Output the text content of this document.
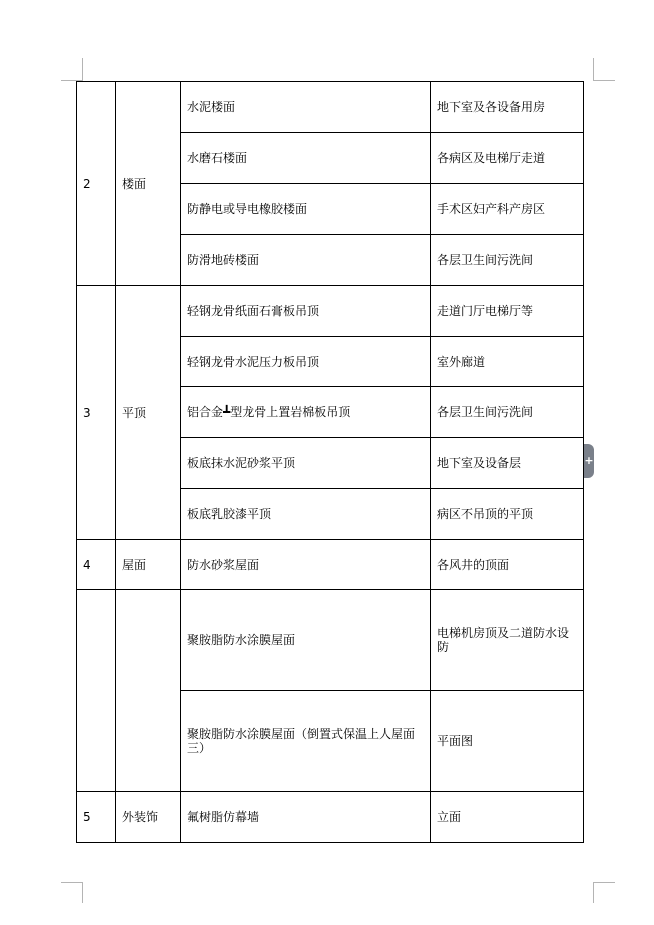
2	楼面	水泥楼面	地下室及各设备用房
		水磨石楼面	各病区及电梯厅走道
		防静电或导电橡胶楼面	手术区妇产科产房区
		防滑地砖楼面	各层卫生间污洗间
3	平顶	轻钢龙骨纸面石膏板吊顶	走道门厅电梯厅等
		轻钢龙骨水泥压力板吊顶	室外廊道
		铝合金┻型龙骨上置岩棉板吊顶	各层卫生间污洗间
		板底抹水泥砂浆平顶	地下室及设备层
		板底乳胶漆平顶	病区不吊顶的平顶
4	屋面	防水砂浆屋面	各风井的顶面
		聚胺脂防水涂膜屋面	电梯机房顶及二道防水设
防
		聚胺脂防水涂膜屋面（倒置式保温上人屋面
三）	平面图
5	外装饰	氟树脂仿幕墙	立面
+
